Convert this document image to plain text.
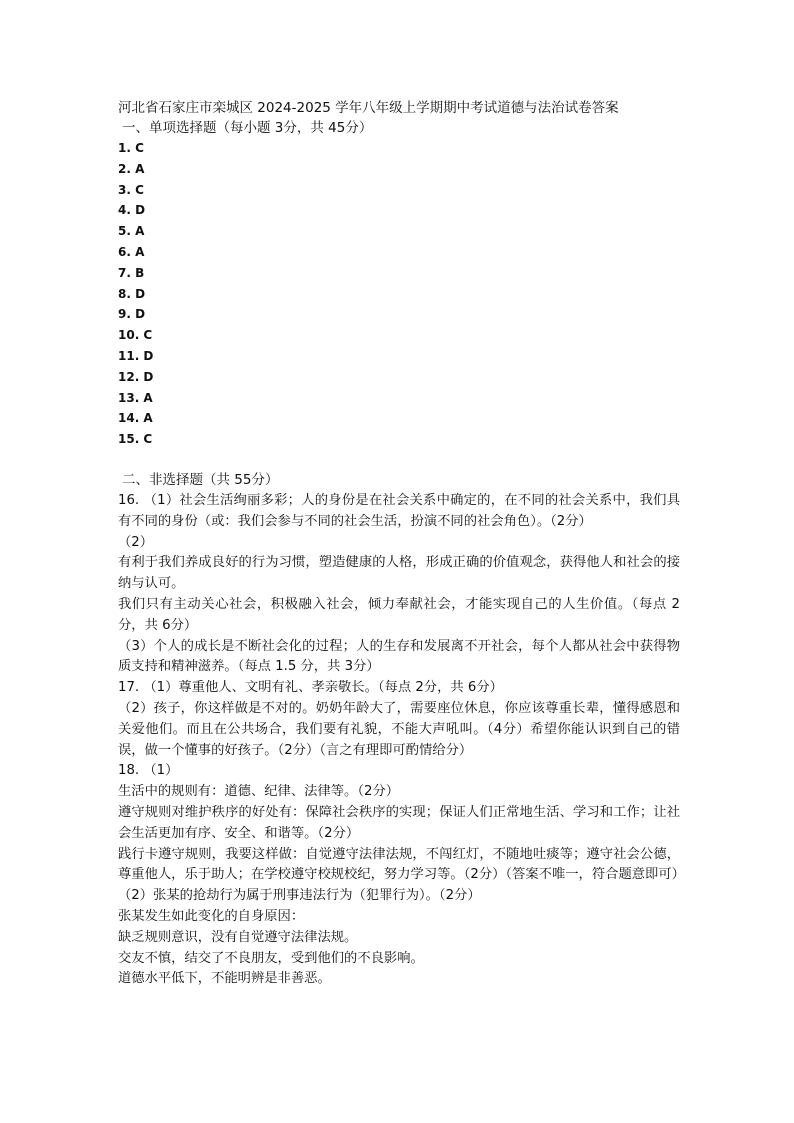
河北省石家庄市栾城区 2024-2025 学年八年级上学期期中考试道德与法治试卷答案
一、单项选择题（每小题 3分，共 45分）
1. C
2. A
3. C
4. D
5. A
6. A
7. B
8. D
9. D
10. C
11. D
12. D
13. A
14. A
15. C
二、非选择题（共 55分）

16. （1）社会生活绚丽多彩；人的身份是在社会关系中确定的，在不同的社会关系中，我们具有不同的身份（或：我们会参与不同的社会生活，扮演不同的社会角色）。（2分）

（2）

有利于我们养成良好的行为习惯，塑造健康的人格，形成正确的价值观念，获得他人和社会的接纳与认可。

我们只有主动关心社会，积极融入社会，倾力奉献社会，才能实现自己的人生价值。（每点 2分，共 6分）

（3）个人的成长是不断社会化的过程；人的生存和发展离不开社会，每个人都从社会中获得物质支持和精神滋养。（每点 1.5 分，共 3分）

17. （1）尊重他人、文明有礼、孝亲敬长。（每点 2分，共 6分）

（2）孩子，你这样做是不对的。奶奶年龄大了，需要座位休息，你应该尊重长辈，懂得感恩和关爱他们。而且在公共场合，我们要有礼貌，不能大声吼叫。（4分）希望你能认识到自己的错误，做一个懂事的好孩子。（2分）（言之有理即可酌情给分）

18. （1）

生活中的规则有：道德、纪律、法律等。（2分）

遵守规则对维护秩序的好处有：保障社会秩序的实现；保证人们正常地生活、学习和工作；让社会生活更加有序、安全、和谐等。（2分）

践行卡遵守规则，我要这样做：自觉遵守法律法规，不闯红灯，不随地吐痰等；遵守社会公德，尊重他人，乐于助人；在学校遵守校规校纪，努力学习等。（2分）（答案不唯一，符合题意即可）

（2）张某的抢劫行为属于刑事违法行为（犯罪行为）。（2分）

张某发生如此变化的自身原因：

缺乏规则意识，没有自觉遵守法律法规。

交友不慎，结交了不良朋友，受到他们的不良影响。

道德水平低下，不能明辨是非善恶。
